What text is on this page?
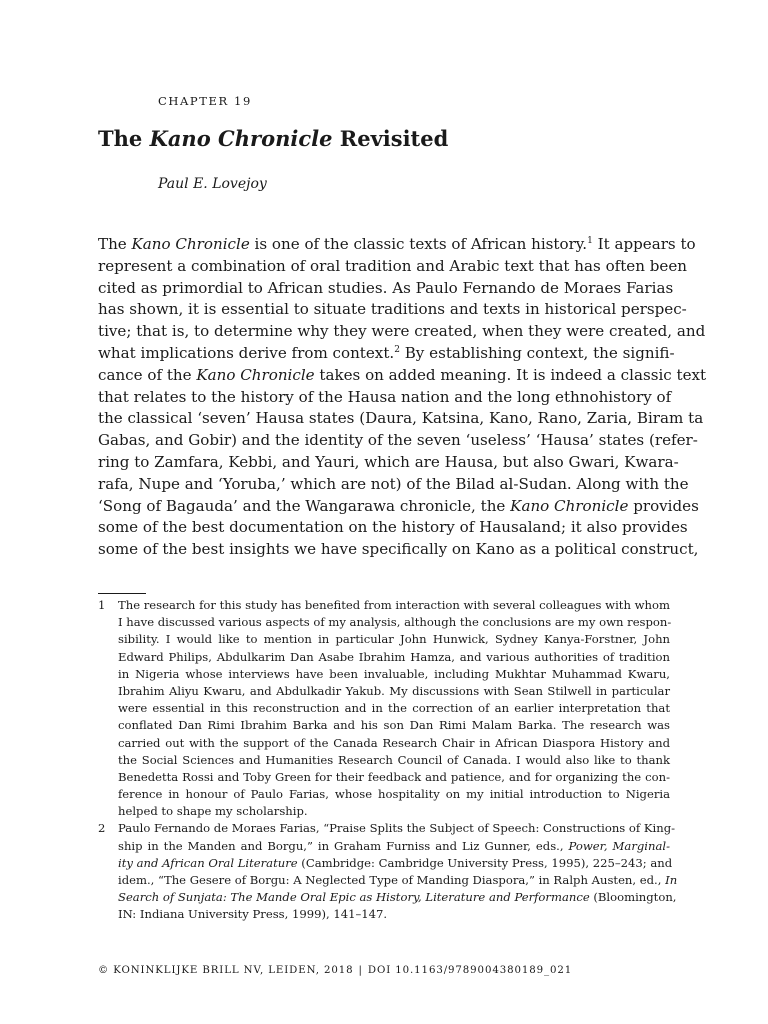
CHAPTER 19
The Kano Chronicle Revisited
Paul E. Lovejoy
The Kano Chronicle is one of the classic texts of African history.$^1$ It appears to
represent a combination of oral tradition and Arabic text that has often been
cited as primordial to African studies. As Paulo Fernando de Moraes Farias
has shown, it is essential to situate traditions and texts in historical perspec-
tive; that is, to determine why they were created, when they were created, and
what implications derive from context.$^2$ By establishing context, the signifi-
cance of the Kano Chronicle takes on added meaning. It is indeed a classic text
that relates to the history of the Hausa nation and the long ethnohistory of
the classical ‘seven’ Hausa states (Daura, Katsina, Kano, Rano, Zaria, Biram ta
Gabas, and Gobir) and the identity of the seven ‘useless’ ‘Hausa’ states (refer-
ring to Zamfara, Kebbi, and Yauri, which are Hausa, but also Gwari, Kwara-
rafa, Nupe and ‘Yoruba,’ which are not) of the Bilad al-Sudan. Along with the
‘Song of Bagauda’ and the Wangarawa chronicle, the Kano Chronicle provides
some of the best documentation on the history of Hausaland; it also provides
some of the best insights we have specifically on Kano as a political construct,
1 The research for this study has benefited from interaction with several colleagues with whom
I have discussed various aspects of my analysis, although the conclusions are my own respon-
sibility. I would like to mention in particular John Hunwick, Sydney Kanya-Forstner, John
Edward Philips, Abdulkarim Dan Asabe Ibrahim Hamza, and various authorities of tradition
in Nigeria whose interviews have been invaluable, including Mukhtar Muhammad Kwaru,
Ibrahim Aliyu Kwaru, and Abdulkadir Yakub. My discussions with Sean Stilwell in particular
were essential in this reconstruction and in the correction of an earlier interpretation that
conflated Dan Rimi Ibrahim Barka and his son Dan Rimi Malam Barka. The research was
carried out with the support of the Canada Research Chair in African Diaspora History and
the Social Sciences and Humanities Research Council of Canada. I would also like to thank
Benedetta Rossi and Toby Green for their feedback and patience, and for organizing the con-
ference in honour of Paulo Farias, whose hospitality on my initial introduction to Nigeria
helped to shape my scholarship.
2 Paulo Fernando de Moraes Farias, “Praise Splits the Subject of Speech: Constructions of King-
ship in the Manden and Borgu,” in Graham Furniss and Liz Gunner, eds., Power, Marginal-
ity and African Oral Literature (Cambridge: Cambridge University Press, 1995), 225–243; and
idem., “The Gesere of Borgu: A Neglected Type of Manding Diaspora,” in Ralph Austen, ed., In
Search of Sunjata: The Mande Oral Epic as History, Literature and Performance (Bloomington,
IN: Indiana University Press, 1999), 141–147.
© KONINKLIJKE BRILL NV, LEIDEN, 2018 | DOI 10.1163/9789004380189_021
